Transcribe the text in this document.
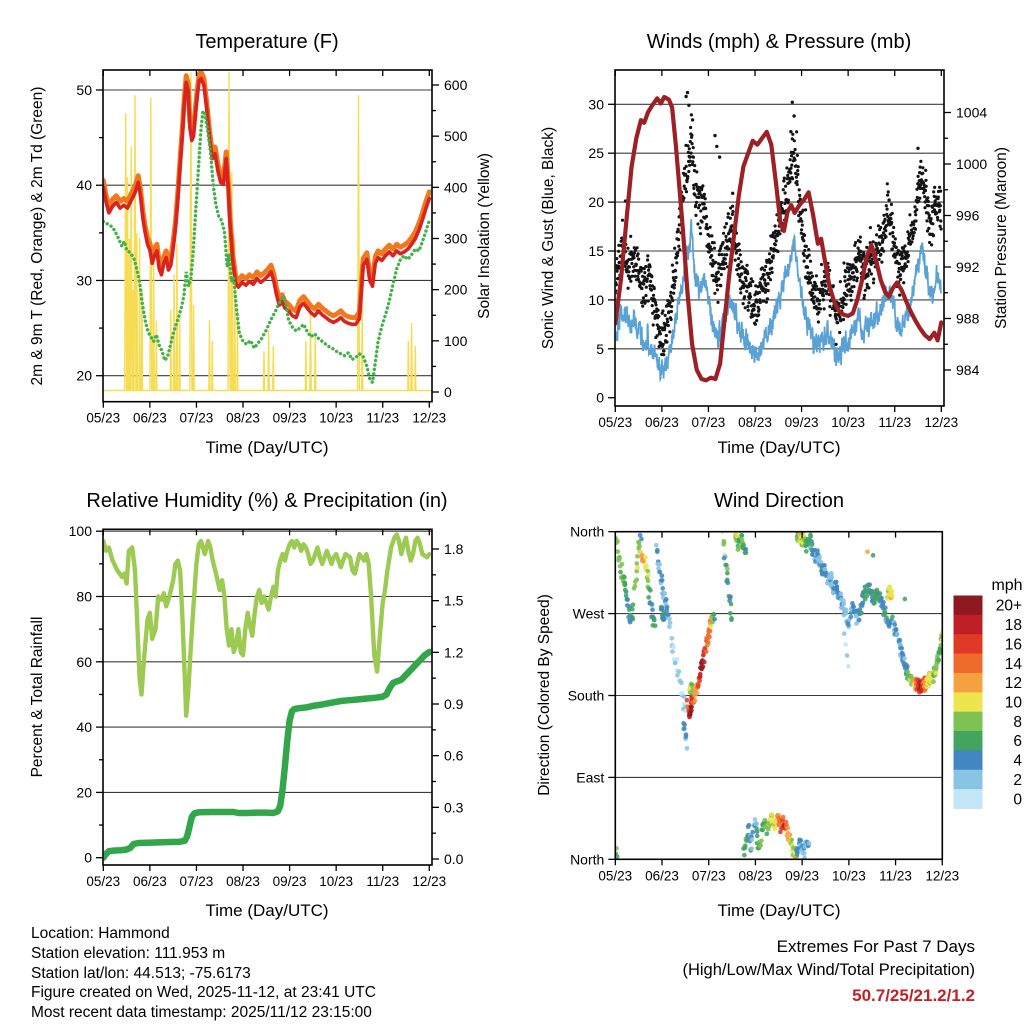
05/23 06/23 07/23 08/23 09/23 10/23 11/23 12/23
20
30
40
50
0
100
200
300
400
500
600
05/23 06/23 07/23 08/23 09/23 10/23 11/23 12/23
0
5
10
15
20
25
30
984
988
992
996
1000
1004
05/23 06/23 07/23 08/23 09/23 10/23 11/23 12/23
0
20
40
60
80
100
0.0
0.3
0.6
0.9
1.2
1.5
1.8
05/23 06/23 07/23 08/23 09/23 10/23 11/23 12/23
North
West
South
East
North
20+
18
16
14
12
10
8
6
4
2
0
Temperature (F)	Winds (mph) & Pressure (mb)
Relative Humidity (%) & Precipitation (in)	Wind Direction
Time (Day/UTC)	Time (Day/UTC)
Time (Day/UTC)	Time (Day/UTC)
2m & 9m T (Red, Orange) & 2m Td (Green)	Solar Insolation (Yellow)	Sonic Wind & Gust (Blue, Black)	Station Pressure (Maroon)
Percent & Total Rainfall	Direction (Colored By Speed)
mph
Location: Hammond
Station elevation: 111.953 m
Station lat/lon: 44.513; -75.6173
Figure created on Wed, 2025-11-12, at 23:41 UTC
Most recent data timestamp: 2025/11/12 23:15:00
Extremes For Past 7 Days
(High/Low/Max Wind/Total Precipitation)
50.7/25/21.2/1.2
